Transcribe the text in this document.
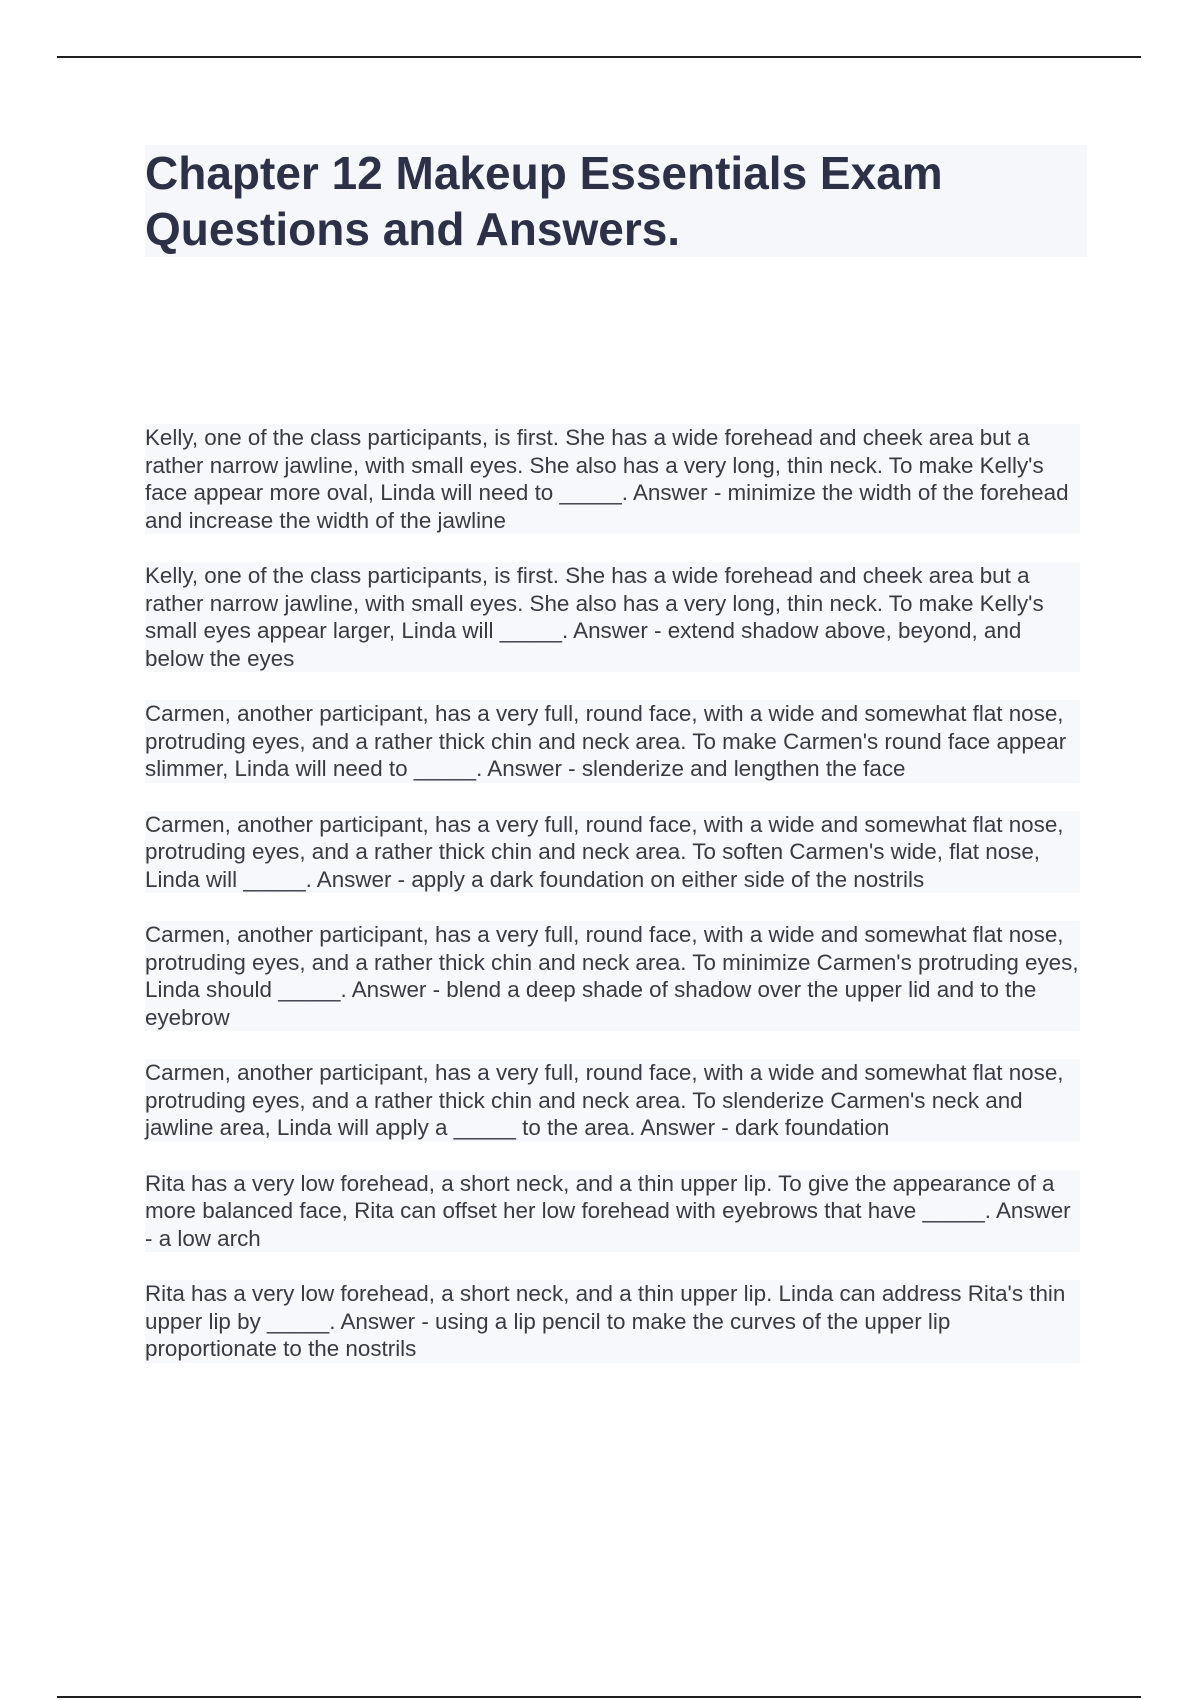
Chapter 12 Makeup Essentials Exam Questions and Answers.

Kelly, one of the class participants, is first. She has a wide forehead and cheek area but a rather narrow jawline, with small eyes. She also has a very long, thin neck. To make Kelly's face appear more oval, Linda will need to _____. Answer - minimize the width of the forehead and increase the width of the jawline

Kelly, one of the class participants, is first. She has a wide forehead and cheek area but a rather narrow jawline, with small eyes. She also has a very long, thin neck. To make Kelly's small eyes appear larger, Linda will _____. Answer - extend shadow above, beyond, and below the eyes

Carmen, another participant, has a very full, round face, with a wide and somewhat flat nose, protruding eyes, and a rather thick chin and neck area. To make Carmen's round face appear slimmer, Linda will need to _____. Answer - slenderize and lengthen the face

Carmen, another participant, has a very full, round face, with a wide and somewhat flat nose, protruding eyes, and a rather thick chin and neck area. To soften Carmen's wide, flat nose, Linda will _____. Answer - apply a dark foundation on either side of the nostrils

Carmen, another participant, has a very full, round face, with a wide and somewhat flat nose, protruding eyes, and a rather thick chin and neck area. To minimize Carmen's protruding eyes, Linda should _____. Answer - blend a deep shade of shadow over the upper lid and to the eyebrow

Carmen, another participant, has a very full, round face, with a wide and somewhat flat nose, protruding eyes, and a rather thick chin and neck area. To slenderize Carmen's neck and jawline area, Linda will apply a _____ to the area. Answer - dark foundation

Rita has a very low forehead, a short neck, and a thin upper lip. To give the appearance of a more balanced face, Rita can offset her low forehead with eyebrows that have _____. Answer - a low arch

Rita has a very low forehead, a short neck, and a thin upper lip. Linda can address Rita's thin upper lip by _____. Answer - using a lip pencil to make the curves of the upper lip proportionate to the nostrils
